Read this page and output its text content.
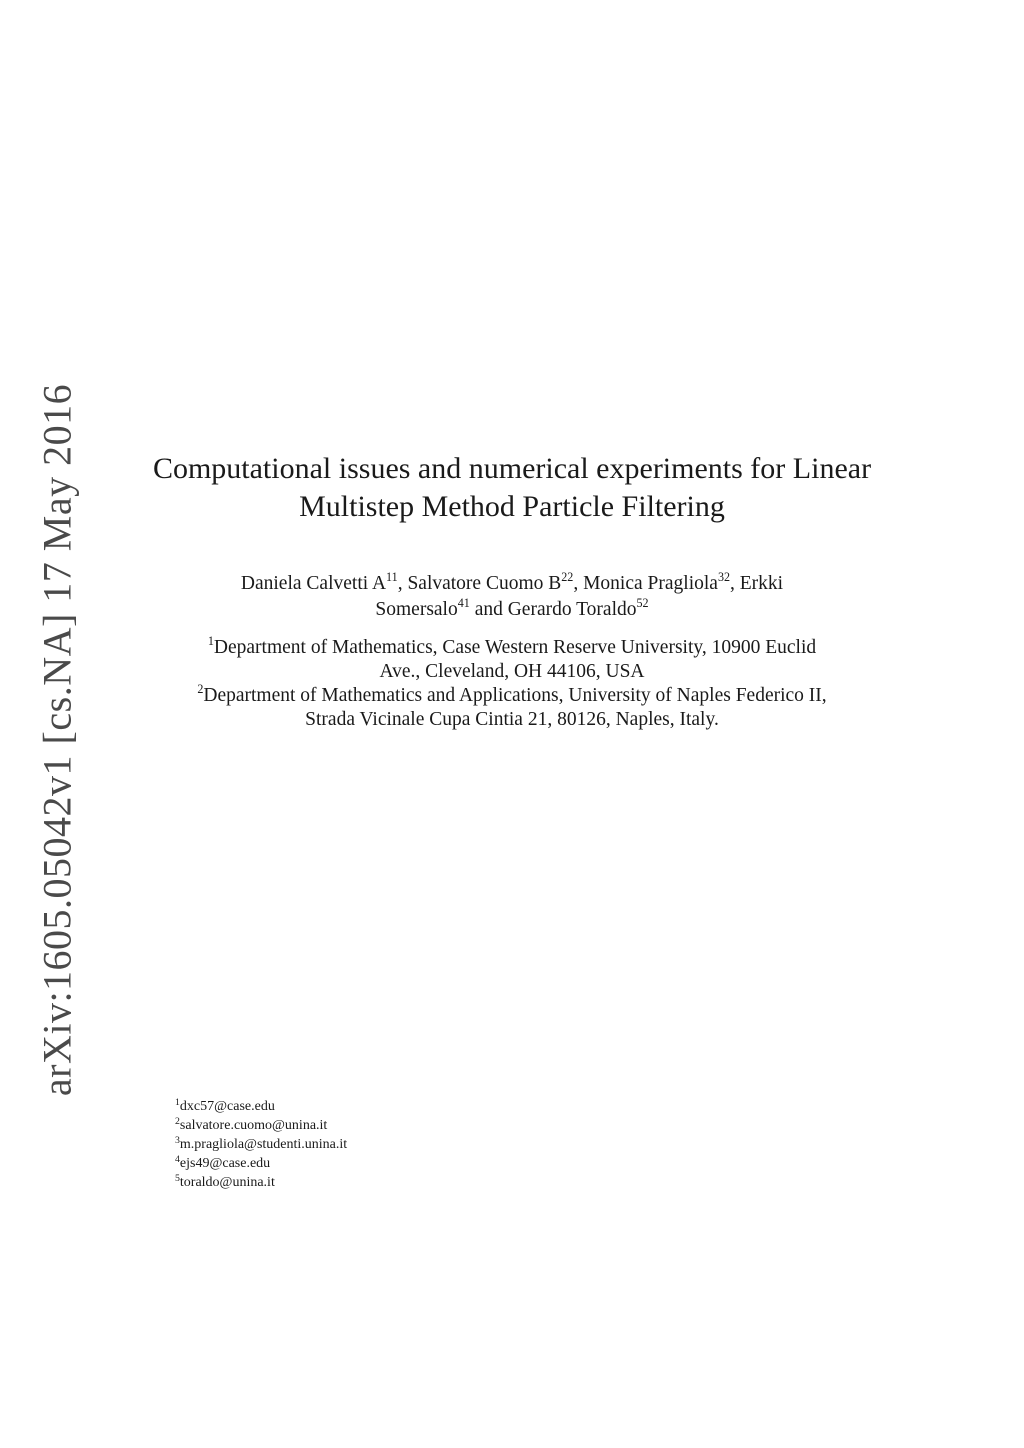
arXiv:1605.05042v1 [cs.NA] 17 May 2016	Computational issues and numerical experiments for Linear
Multistep Method Particle Filtering
Daniela Calvetti $A^{11}$, Salvatore Cuomo $B^{22}$, Monica Pragliola$^{32}$, Erkki
Somersalo$^{41}$ and Gerardo Toraldo$^{52}$
$^1$Department of Mathematics, Case Western Reserve University, 10900 Euclid
Ave., Cleveland, OH 44106, USA
$^2$Department of Mathematics and Applications, University of Naples Federico II,
Strada Vicinale Cupa Cintia 21, 80126, Naples, Italy.
$^1$dxc57@case.edu
$^2$salvatore.cuomo@unina.it
$^3$m.pragliola@studenti.unina.it
$^4$ejs49@case.edu
$^5$toraldo@unina.it
